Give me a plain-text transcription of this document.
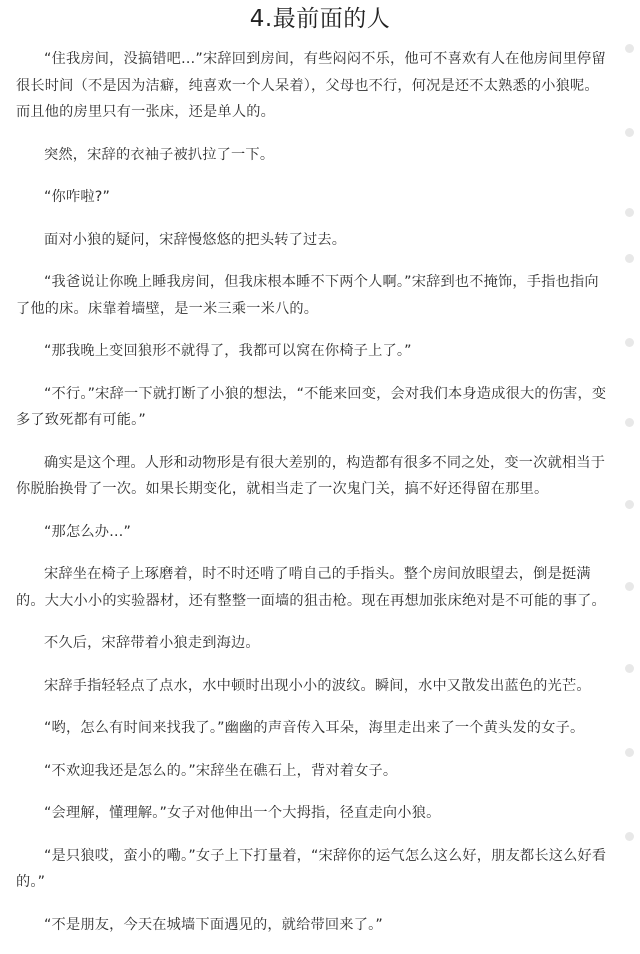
4.最前面的人

“住我房间，没搞错吧…”宋辞回到房间，有些闷闷不乐，他可不喜欢有人在他房间里停留很长时间（不是因为洁癖，纯喜欢一个人呆着），父母也不行，何况是还不太熟悉的小狼呢。而且他的房里只有一张床，还是单人的。

突然，宋辞的衣袖子被扒拉了一下。

“你咋啦?”

面对小狼的疑问，宋辞慢悠悠的把头转了过去。

“我爸说让你晚上睡我房间，但我床根本睡不下两个人啊。”宋辞到也不掩饰，手指也指向了他的床。床靠着墙壁，是一米三乘一米八的。

“那我晚上变回狼形不就得了，我都可以窝在你椅子上了。”

“不行。”宋辞一下就打断了小狼的想法，“不能来回变，会对我们本身造成很大的伤害，变多了致死都有可能。”

确实是这个理。人形和动物形是有很大差别的，构造都有很多不同之处，变一次就相当于你脱胎换骨了一次。如果长期变化，就相当走了一次鬼门关，搞不好还得留在那里。

“那怎么办…”

宋辞坐在椅子上琢磨着，时不时还啃了啃自己的手指头。整个房间放眼望去，倒是挺满的。大大小小的实验器材，还有整整一面墙的狙击枪。现在再想加张床绝对是不可能的事了。

不久后，宋辞带着小狼走到海边。

宋辞手指轻轻点了点水，水中顿时出现小小的波纹。瞬间，水中又散发出蓝色的光芒。

“哟，怎么有时间来找我了。”幽幽的声音传入耳朵，海里走出来了一个黄头发的女子。

“不欢迎我还是怎么的。”宋辞坐在礁石上，背对着女子。

“会理解，懂理解。”女子对他伸出一个大拇指，径直走向小狼。

“是只狼哎，蛮小的嘞。”女子上下打量着，“宋辞你的运气怎么这么好，朋友都长这么好看的。”

“不是朋友，今天在城墙下面遇见的，就给带回来了。”
